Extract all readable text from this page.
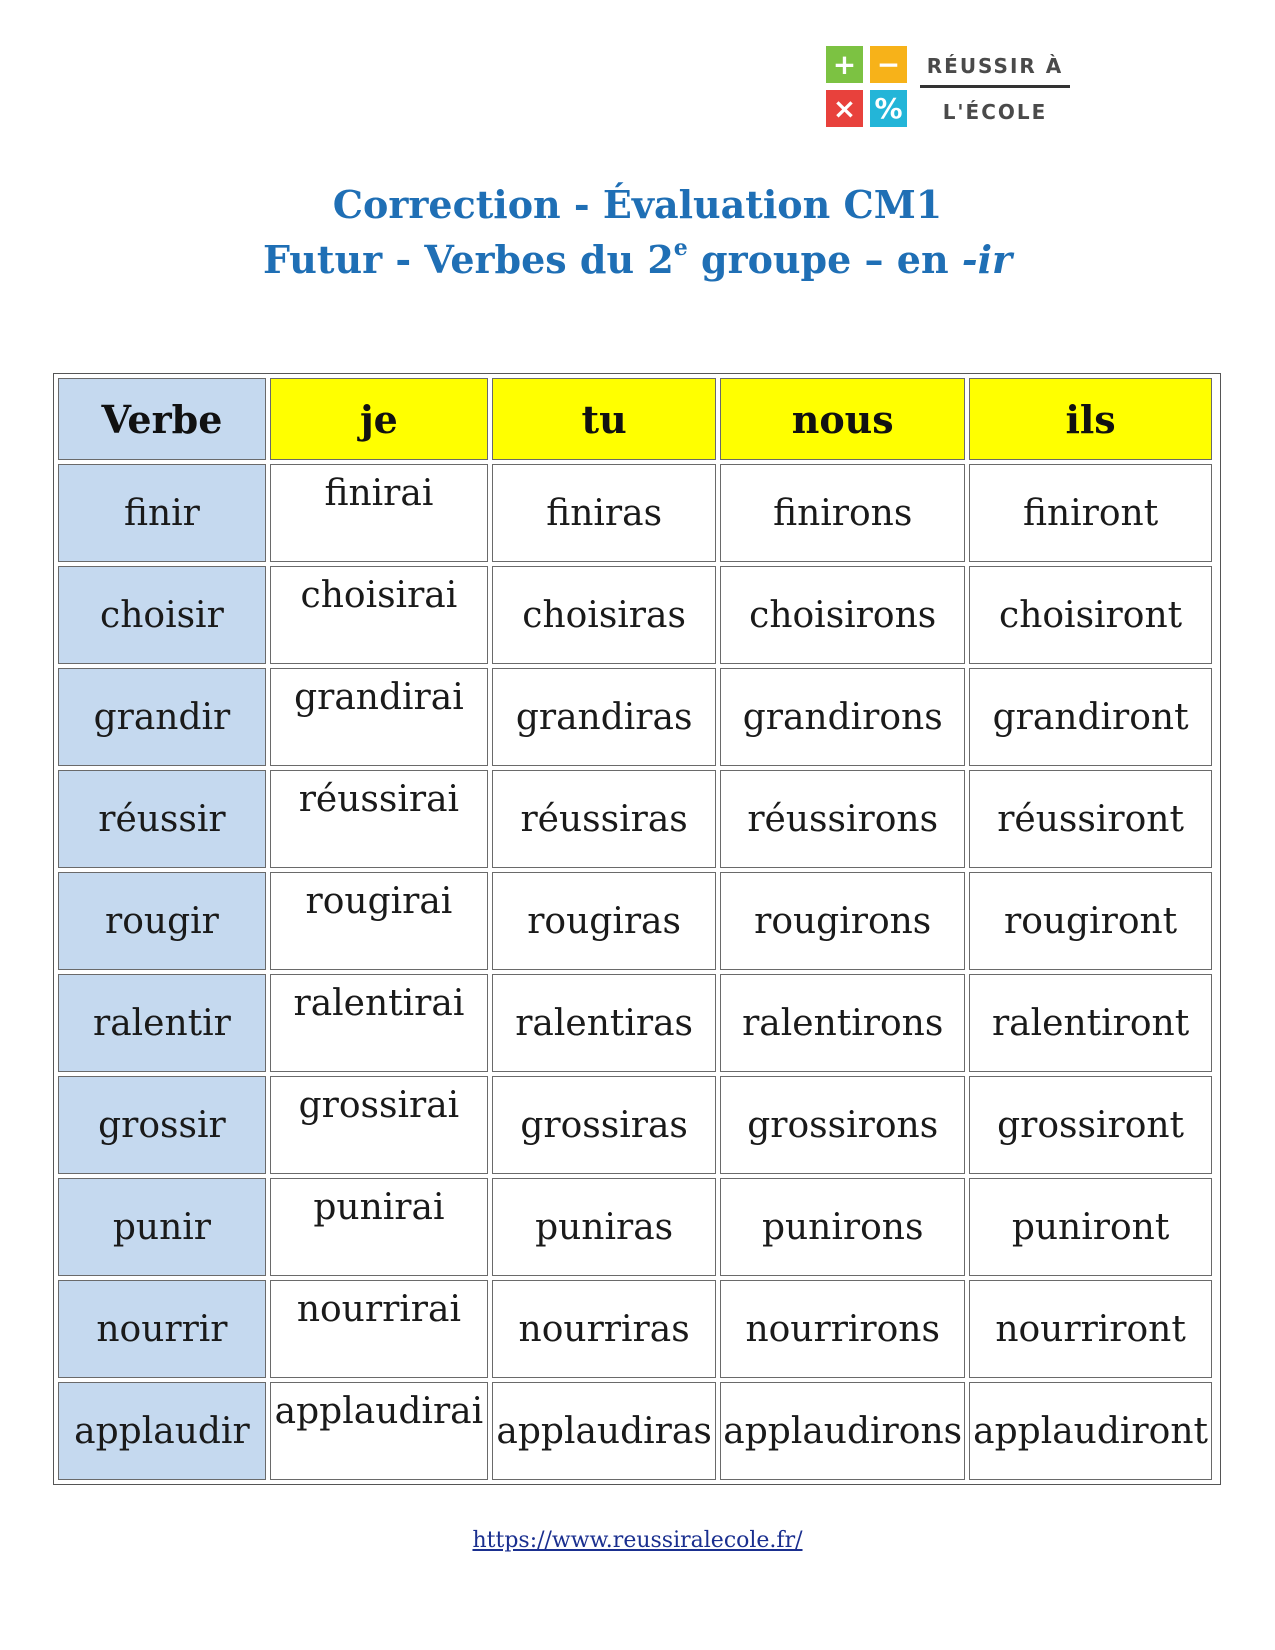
+ −
× %
RÉUSSIR À
L'ÉCOLE
Correction - Évaluation CM1
Futur - Verbes du 2e groupe – en -ir
Verbe	je	tu	nous	ils
finir	finirai	finiras	finirons	finiront
choisir	choisirai	choisiras	choisirons	choisiront
grandir	grandirai	grandiras	grandirons	grandiront
réussir	réussirai	réussiras	réussirons	réussiront
rougir	rougirai	rougiras	rougirons	rougiront
ralentir	ralentirai	ralentiras	ralentirons	ralentiront
grossir	grossirai	grossiras	grossirons	grossiront
punir	punirai	puniras	punirons	puniront
nourrir	nourrirai	nourriras	nourrirons	nourriront
applaudir	applaudirai	applaudiras	applaudirons	applaudiront
https://www.reussiralecole.fr/
